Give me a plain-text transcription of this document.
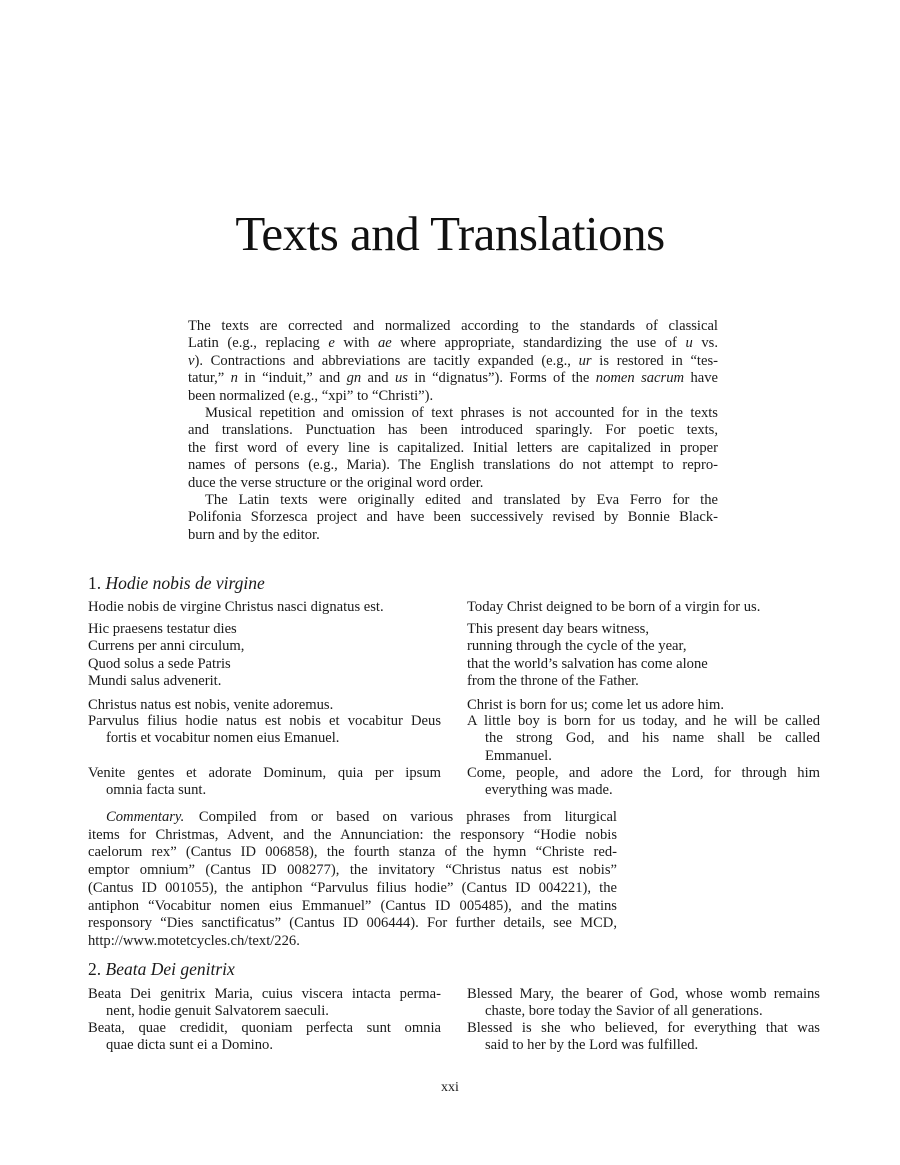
Texts and Translations
The texts are corrected and normalized according to the standards of classical
Latin (e.g., replacing e with ae where appropriate, standardizing the use of u vs.
v). Contractions and abbreviations are tacitly expanded (e.g., ur is restored in “tes-
tatur,” n in “induit,” and gn and us in “dignatus”). Forms of the nomen sacrum have
been normalized (e.g., “xpi” to “Christi”).
Musical repetition and omission of text phrases is not accounted for in the texts
and translations. Punctuation has been introduced sparingly. For poetic texts,
the first word of every line is capitalized. Initial letters are capitalized in proper
names of persons (e.g., Maria). The English translations do not attempt to repro-
duce the verse structure or the original word order.
The Latin texts were originally edited and translated by Eva Ferro for the
Polifonia Sforzesca project and have been successively revised by Bonnie Black-
burn and by the editor.
1. Hodie nobis de virgine
Hodie nobis de virgine Christus nasci dignatus est.	Today Christ deigned to be born of a virgin for us.
Hic praesens testatur dies
Currens per anni circulum,
Quod solus a sede Patris
Mundi salus advenerit.
This present day bears witness,
running through the cycle of the year,
that the world’s salvation has come alone
from the throne of the Father.
Christus natus est nobis, venite adoremus.	Christ is born for us; come let us adore him.
Parvulus filius hodie natus est nobis et vocabitur Deus
fortis et vocabitur nomen eius Emanuel.
A little boy is born for us today, and he will be called
the strong God, and his name shall be called
Emmanuel.
Venite gentes et adorate Dominum, quia per ipsum
omnia facta sunt.
Come, people, and adore the Lord, for through him
everything was made.
2. Beata Dei genitrix
Beata Dei genitrix Maria, cuius viscera intacta perma-
nent, hodie genuit Salvatorem saeculi.
Blessed Mary, the bearer of God, whose womb remains
chaste, bore today the Savior of all generations.
Beata, quae credidit, quoniam perfecta sunt omnia
quae dicta sunt ei a Domino.
Blessed is she who believed, for everything that was
said to her by the Lord was fulfilled.
Commentary. Compiled from or based on various phrases from liturgical
items for Christmas, Advent, and the Annunciation: the responsory “Hodie nobis
caelorum rex” (Cantus ID 006858), the fourth stanza of the hymn “Christe red-
emptor omnium” (Cantus ID 008277), the invitatory “Christus natus est nobis”
(Cantus ID 001055), the antiphon “Parvulus filius hodie” (Cantus ID 004221), the
antiphon “Vocabitur nomen eius Emmanuel” (Cantus ID 005485), and the matins
responsory “Dies sanctificatus” (Cantus ID 006444). For further details, see MCD,
http://www.motetcycles.ch/text/226.
xxi
